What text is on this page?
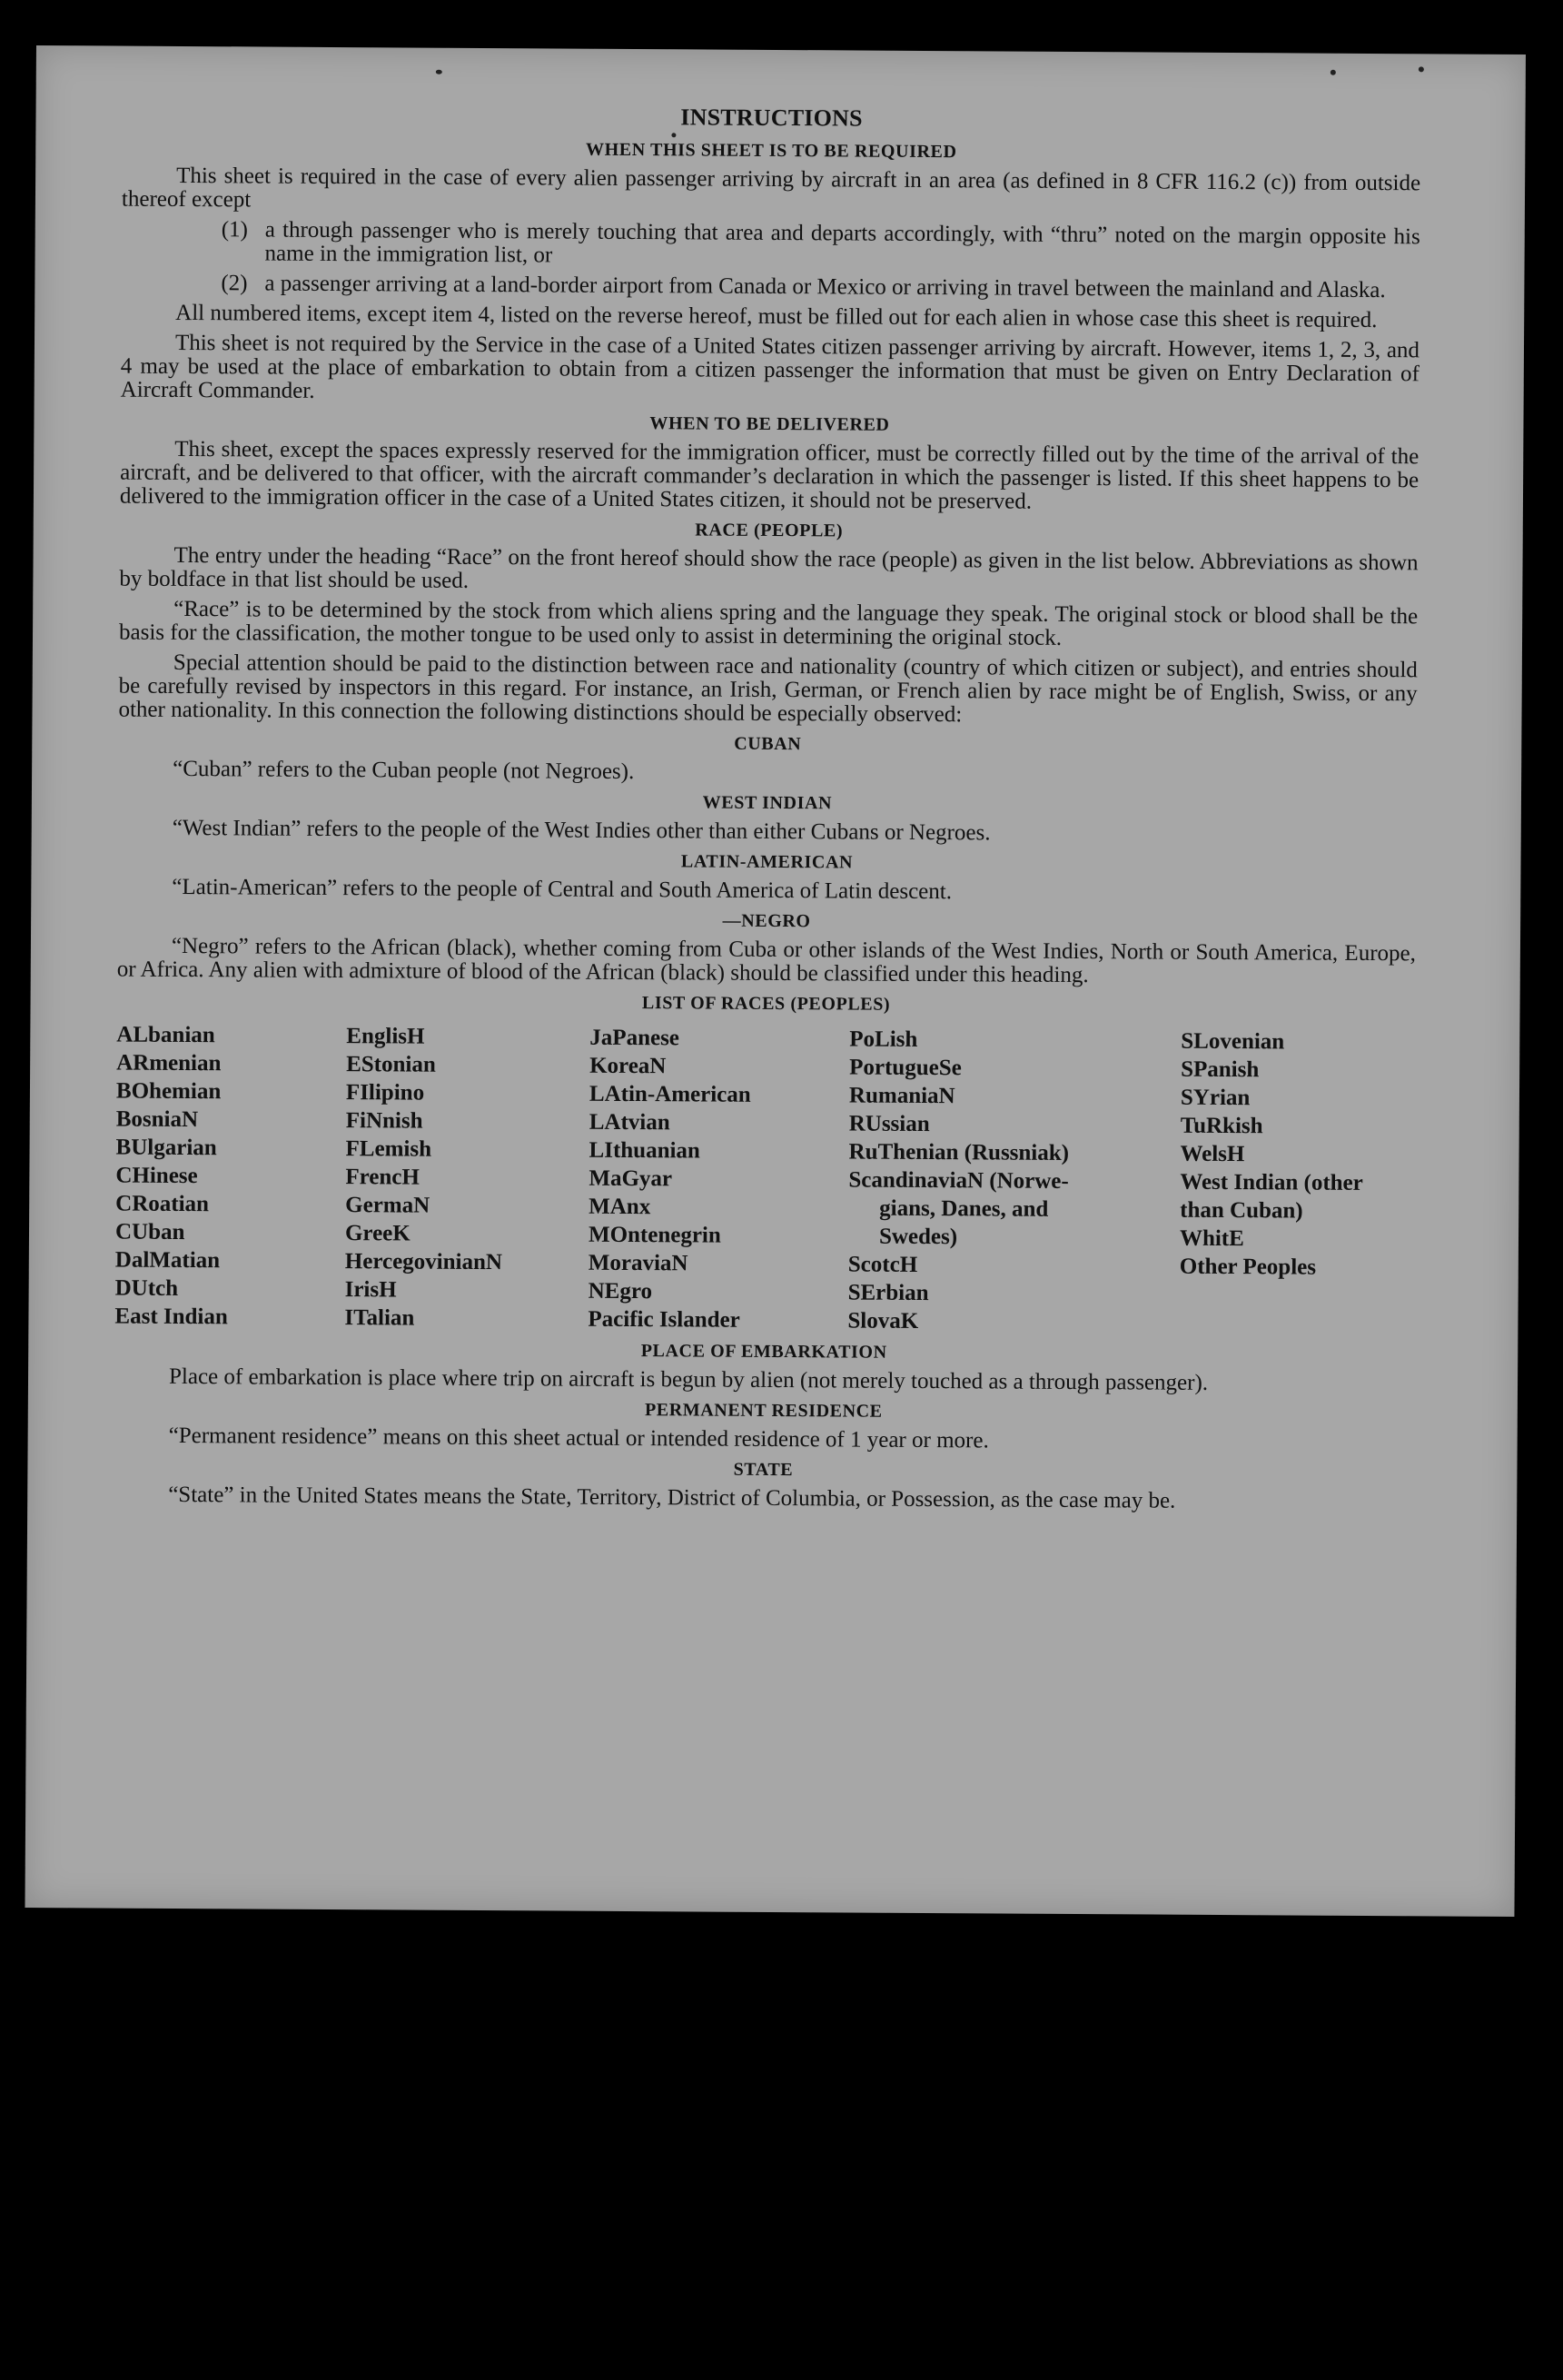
INSTRUCTIONS
WHEN THIS SHEET IS TO BE REQUIRED
This sheet is required in the case of every alien passenger arriving by aircraft in an area (as defined in 8 CFR 116.2 (c)) from outside thereof except
(1) a through passenger who is merely touching that area and departs accordingly, with “thru” noted on the margin opposite his name in the immigration list, or
(2) a passenger arriving at a land-border airport from Canada or Mexico or arriving in travel between the mainland and Alaska.
All numbered items, except item 4, listed on the reverse hereof, must be filled out for each alien in whose case this sheet is required.
This sheet is not required by the Service in the case of a United States citizen passenger arriving by aircraft. However, items 1, 2, 3, and 4 may be used at the place of embarkation to obtain from a citizen passenger the information that must be given on Entry Declaration of Aircraft Commander.
WHEN TO BE DELIVERED
This sheet, except the spaces expressly reserved for the immigration officer, must be correctly filled out by the time of the arrival of the aircraft, and be delivered to that officer, with the aircraft commander’s declaration in which the passenger is listed. If this sheet happens to be delivered to the immigration officer in the case of a United States citizen, it should not be preserved.
RACE (PEOPLE)
The entry under the heading “Race” on the front hereof should show the race (people) as given in the list below. Abbreviations as shown by boldface in that list should be used.
“Race” is to be determined by the stock from which aliens spring and the language they speak. The original stock or blood shall be the basis for the classification, the mother tongue to be used only to assist in determining the original stock.
Special attention should be paid to the distinction between race and nationality (country of which citizen or subject), and entries should be carefully revised by inspectors in this regard. For instance, an Irish, German, or French alien by race might be of English, Swiss, or any other nationality. In this connection the following distinctions should be especially observed:
CUBAN
“Cuban” refers to the Cuban people (not Negroes).
WEST INDIAN
“West Indian” refers to the people of the West Indies other than either Cubans or Negroes.
LATIN-AMERICAN
“Latin-American” refers to the people of Central and South America of Latin descent.
—NEGRO
“Negro” refers to the African (black), whether coming from Cuba or other islands of the West Indies, North or South America, Europe, or Africa. Any alien with admixture of blood of the African (black) should be classified under this heading.
LIST OF RACES (PEOPLES)
ALbanian
ARmenian
BOhemian
BosniaN
BUlgarian
CHinese
CRoatian
CUban
DalMatian
DUtch
East Indian
EnglisH
EStonian
FIlipino
FiNnish
FLemish
FrencH
GermaN
GreeK
HercegovinianN
IrisH
ITalian
JaPanese
KoreaN
LAtin-American
LAtvian
LIthuanian
MaGyar
MAnx
MOntenegrin
MoraviaN
NEgro
Pacific Islander
PoLish
PortugueSe
RumaniaN
RUssian
RuThenian (Russniak)
ScandinaviaN (Norwe-
gians, Danes, and
Swedes)
ScotcH
SErbian
SlovaK
SLovenian
SPanish
SYrian
TuRkish
WelsH
West Indian (other
than Cuban)
WhitE
Other Peoples
PLACE OF EMBARKATION
Place of embarkation is place where trip on aircraft is begun by alien (not merely touched as a through passenger).
PERMANENT RESIDENCE
“Permanent residence” means on this sheet actual or intended residence of 1 year or more.
STATE
“State” in the United States means the State, Territory, District of Columbia, or Possession, as the case may be.
